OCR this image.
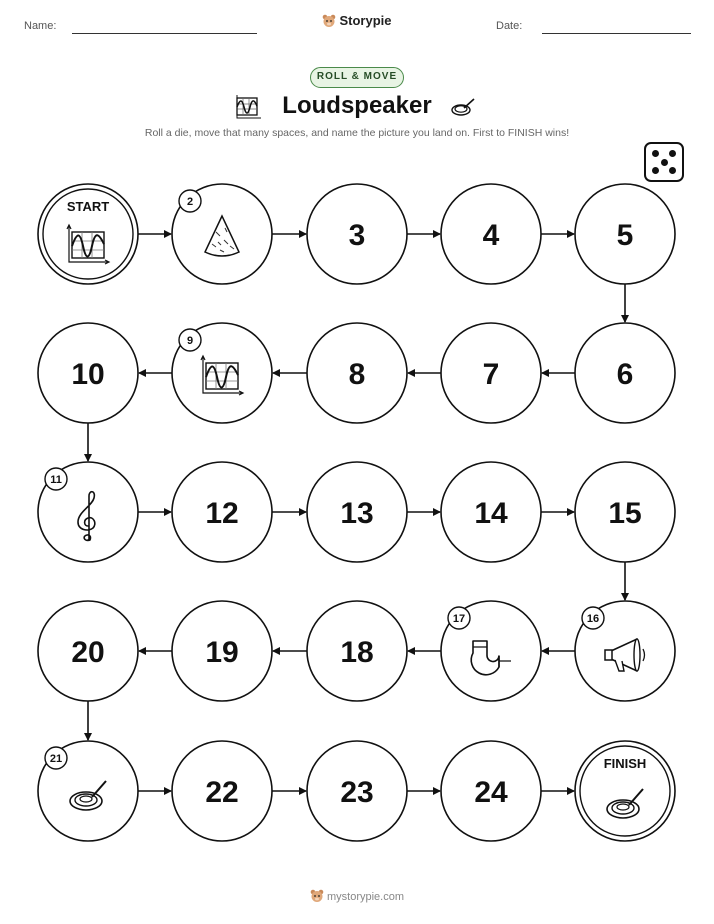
Name:	Storypie	Date:
ROLL & MOVE
Loudspeaker
Roll a die, move that many spaces, and name the picture you land on. First to FINISH wins!
START	2
3	4	5
6
7
8
9
10
11
12	13	14	15
16
17
18
19
20
21
22	23	24
FINISH
mystorypie.com
